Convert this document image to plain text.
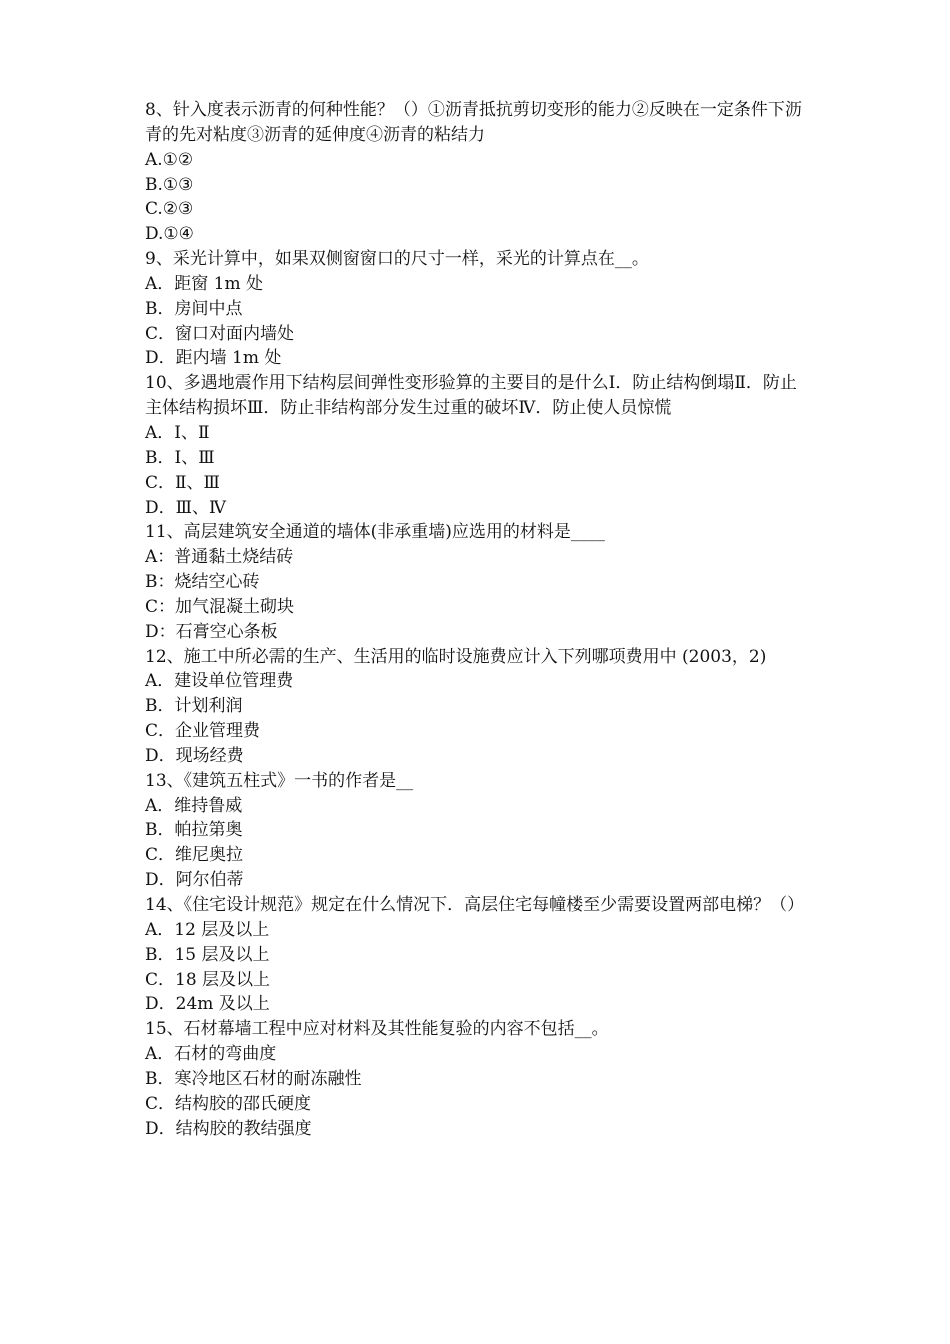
8、针入度表示沥青的何种性能？（）①沥青抵抗剪切变形的能力②反映在一定条件下沥青的先对粘度③沥青的延伸度④沥青的粘结力
A.①②
B.①③
C.②③
D.①④
9、采光计算中，如果双侧窗窗口的尺寸一样，采光的计算点在__。
A．距窗 1m 处
B．房间中点
C．窗口对面内墙处
D．距内墙 1m 处
10、多遇地震作用下结构层间弹性变形验算的主要目的是什么Ⅰ．防止结构倒塌Ⅱ．防止主体结构损坏Ⅲ．防止非结构部分发生过重的破坏Ⅳ．防止使人员惊慌
A．Ⅰ、Ⅱ
B．Ⅰ、Ⅲ
C．Ⅱ、Ⅲ
D．Ⅲ、Ⅳ
11、高层建筑安全通道的墙体(非承重墙)应选用的材料是____
A：普通黏土烧结砖
B：烧结空心砖
C：加气混凝土砌块
D：石膏空心条板
12、施工中所必需的生产、生活用的临时设施费应计入下列哪项费用中 (2003，2)
A．建设单位管理费
B．计划利润
C．企业管理费
D．现场经费
13、《建筑五柱式》一书的作者是__
A．维持鲁威
B．帕拉第奥
C．维尼奥拉
D．阿尔伯蒂
14、《住宅设计规范》规定在什么情况下．高层住宅每幢楼至少需要设置两部电梯？（）
A．12 层及以上
B．15 层及以上
C．18 层及以上
D．24m 及以上
15、石材幕墙工程中应对材料及其性能复验的内容不包括__。
A．石材的弯曲度
B．寒冷地区石材的耐冻融性
C．结构胶的邵氏硬度
D．结构胶的教结强度
